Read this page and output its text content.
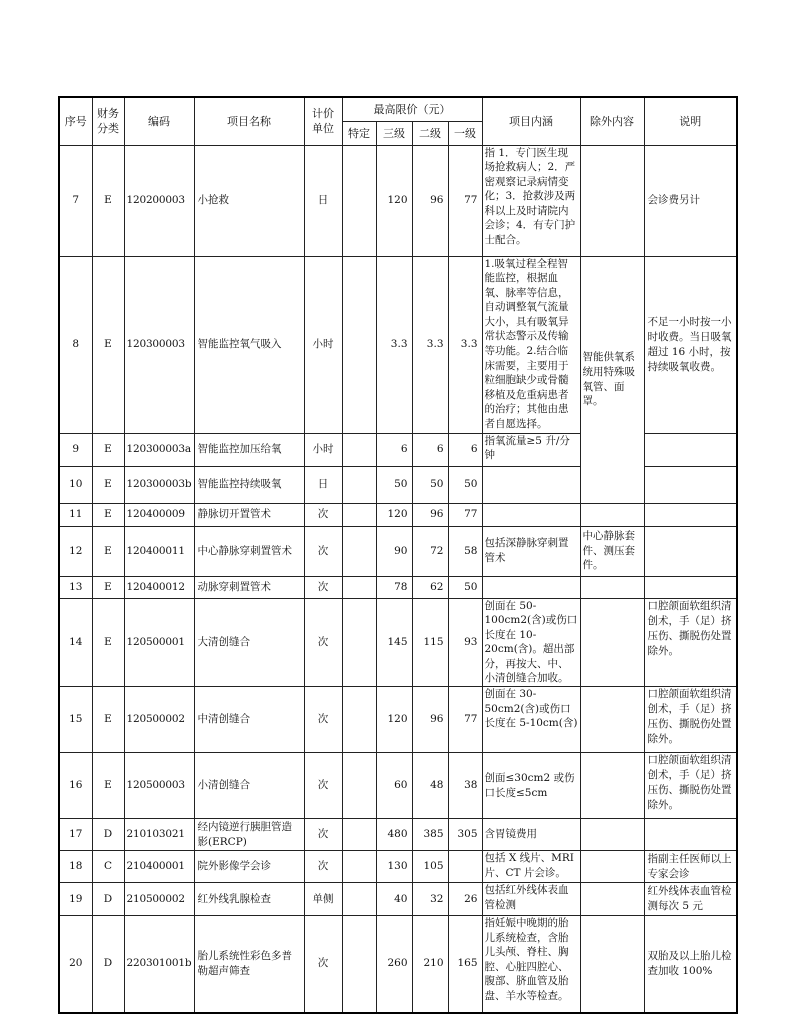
序号	财务分类	编码	项目名称	计价单位	最高限价（元）				项目内涵	除外内容	说明
					特定	三级	二级	一级			
7	E	120200003	小抢救	日		120	96	77	指 1．专门医生现场抢救病人；2．严密观察记录病情变化；3．抢救涉及两科以上及时请院内会诊；4．有专门护士配合。		会诊费另计
8	E	120300003	智能监控氧气吸入	小时		3.3	3.3	3.3	1.吸氧过程全程智能监控，根据血氧、脉率等信息，自动调整氧气流量大小，具有吸氧异常状态警示及传输等功能。2.结合临床需要，主要用于粒细胞缺少或骨髓移植及危重病患者的治疗；其他由患者自愿选择。	智能供氧系统用特殊吸氧管、面罩。	不足一小时按一小时收费。当日吸氧超过 16 小时，按持续吸氧收费。
9	E	120300003a	智能监控加压给氧	小时		6	6	6	指氧流量≥5 升/分钟		
10	E	120300003b	智能监控持续吸氧	日		50	50	50			
11	E	120400009	静脉切开置管术	次		120	96	77			
12	E	120400011	中心静脉穿刺置管术	次		90	72	58	包括深静脉穿刺置管术	中心静脉套件、测压套件。	
13	E	120400012	动脉穿刺置管术	次		78	62	50			
14	E	120500001	大清创缝合	次		145	115	93	创面在 50-100cm2(含)或伤口长度在 10-20cm(含)。超出部分，再按大、中、小清创缝合加收。		口腔颌面软组织清创术，手（足）挤压伤、撕脱伤处置除外。
15	E	120500002	中清创缝合	次		120	96	77	创面在 30-50cm2(含)或伤口长度在 5-10cm(含)		口腔颌面软组织清创术，手（足）挤压伤、撕脱伤处置除外。
16	E	120500003	小清创缝合	次		60	48	38	创面≤30cm2 或伤口长度≤5cm		口腔颌面软组织清创术，手（足）挤压伤、撕脱伤处置除外。
17	D	210103021	经内镜逆行胰胆管造影(ERCP)	次		480	385	305	含胃镜费用		
18	C	210400001	院外影像学会诊	次		130	105		包括 X 线片、MRI 片、CT 片会诊。		指副主任医师以上专家会诊
19	D	210500002	红外线乳腺检查	单侧		40	32	26	包括红外线体表血管检测		红外线体表血管检测每次 5 元
20	D	220301001b	胎儿系统性彩色多普勒超声筛查	次		260	210	165	指妊娠中晚期的胎儿系统检查，含胎儿头颅、脊柱、胸腔、心脏四腔心、腹部、脐血管及胎盘、羊水等检查。		双胎及以上胎儿检查加收 100%
